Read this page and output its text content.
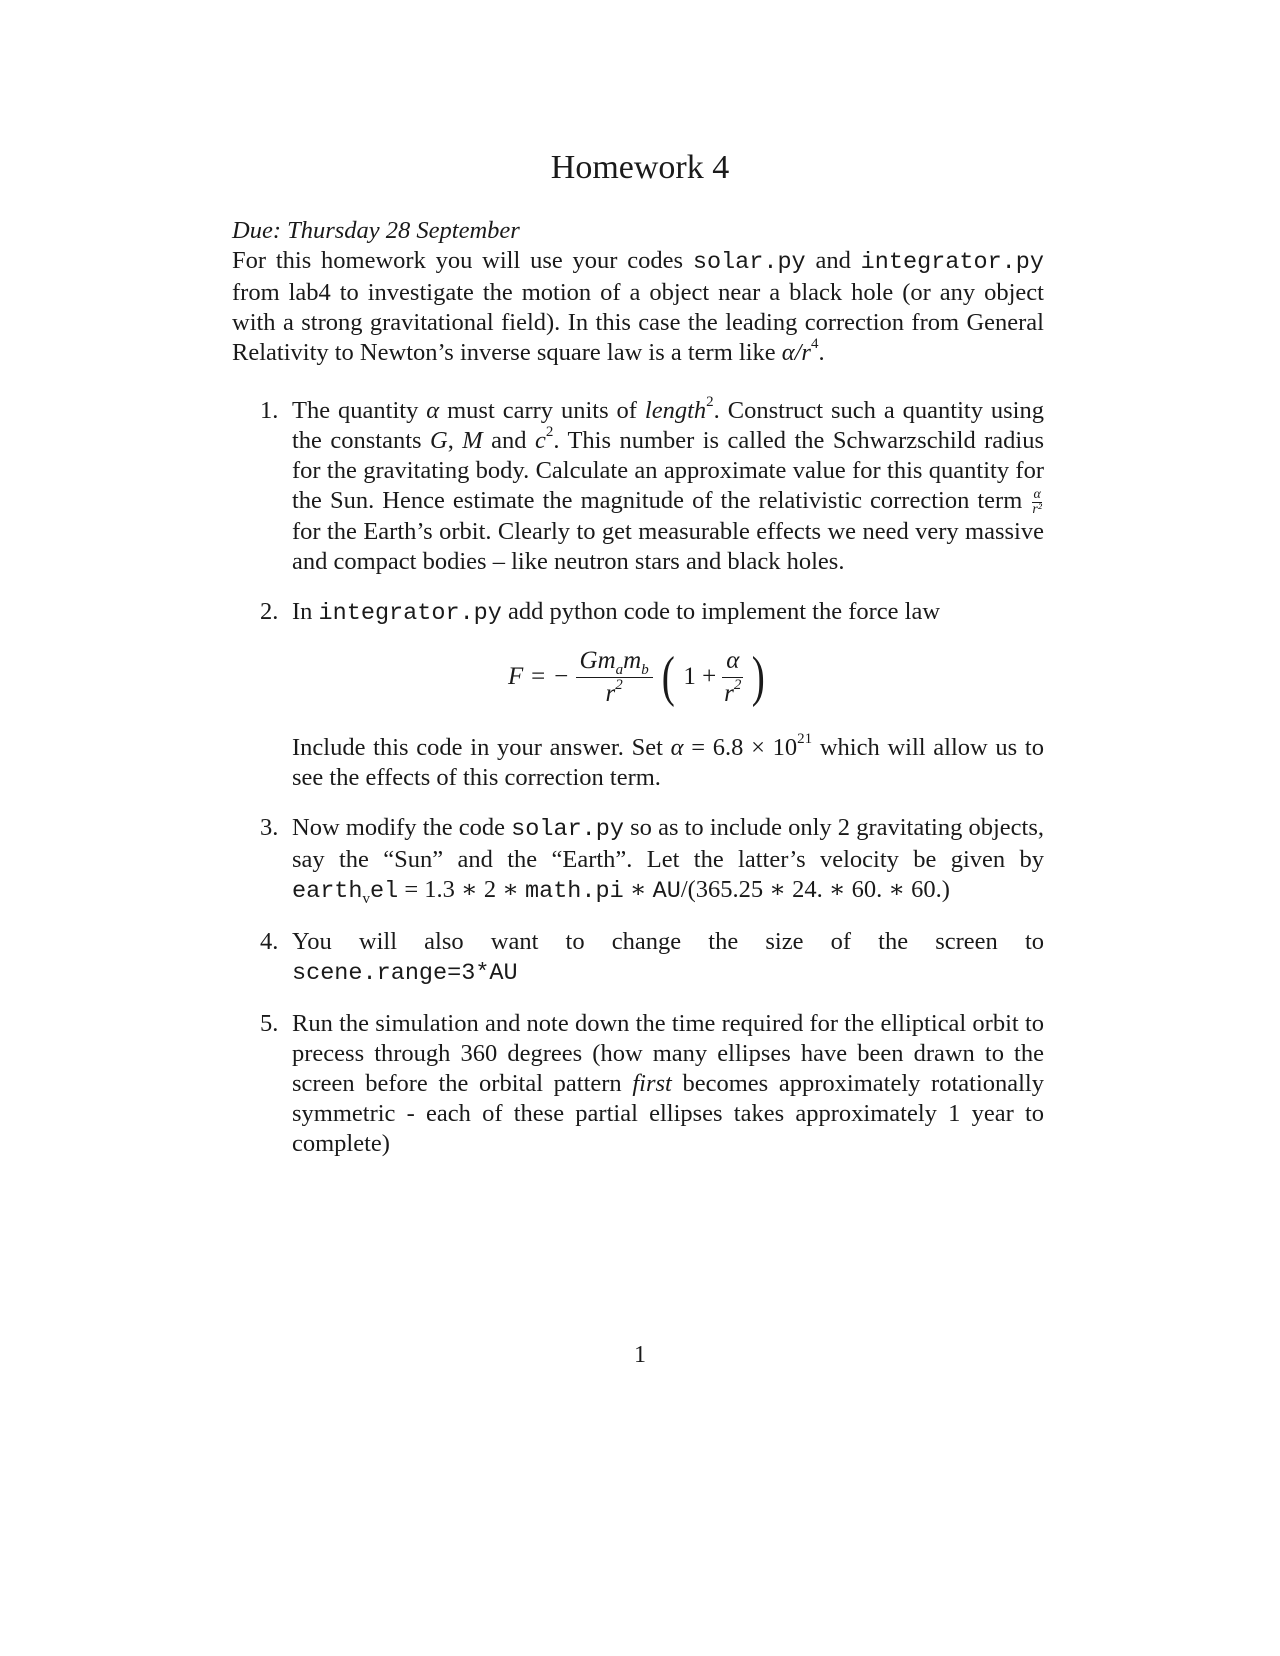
Homework 4
Due: Thursday 28 September
For this homework you will use your codes solar.py and integrator.py from lab4 to investigate the motion of a object near a black hole (or any object with a strong gravitational field). In this case the leading correction from General Relativity to Newton’s inverse square law is a term like $\alpha/r^4$.
1. The quantity α must carry units of length$^2$. Construct such a quantity using the constants G, M and $c^2$. This number is called the Schwarzschild radius for the gravitating body. Calculate an approximate value for this quantity for the Sun. Hence estimate the magnitude of the relativistic correction term $\frac{\alpha}{\text{r²}}$
for the Earth’s orbit. Clearly to get measurable effects we need very massive and compact bodies – like neutron stars and black holes.
2. In integrator.py add python code to implement the force law
F = − $\frac{Gm_am_b}{r^2}$ ( $1 + \frac{\alpha}{r^2}$ )
Include this code in your answer. Set $\alpha = 6.8 \times 10^{21}$ which will allow us to see the effects of this correction term.
3. Now modify the code solar.py so as to include only 2 gravitating objects, say the “Sun” and the “Earth”. Let the latter’s velocity be given by earth$_v$el = 1.3 ∗ 2 ∗ math.pi ∗ AU/(365.25 ∗ 24. ∗ 60. ∗ 60.)
4. You will also want to change the size of the screen to scene.range=3*AU
5. Run the simulation and note down the time required for the elliptical orbit to precess through 360 degrees (how many ellipses have been drawn to the screen before the orbital pattern first becomes approximately rotationally symmetric - each of these partial ellipses takes approximately 1 year to complete)
1
